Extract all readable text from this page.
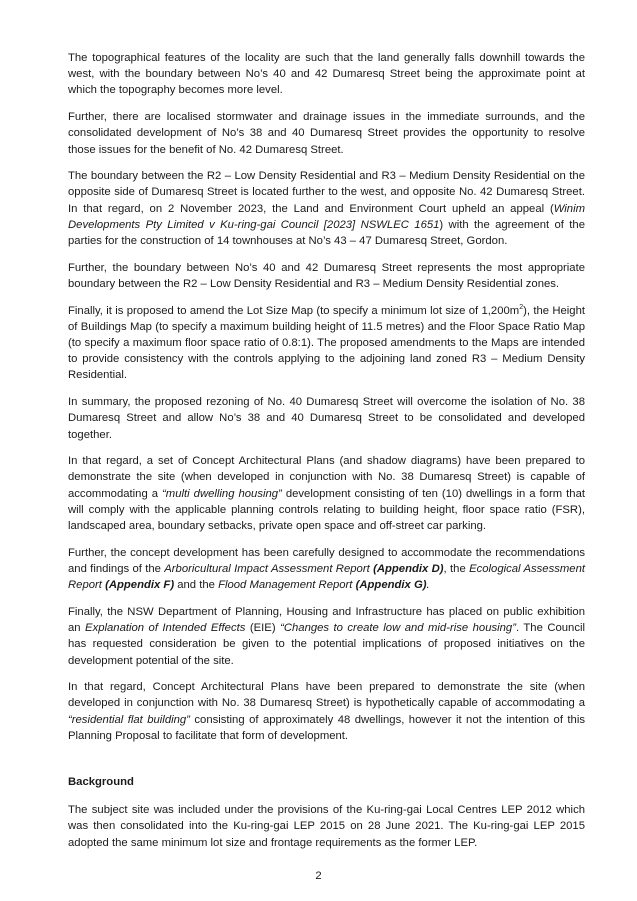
The topographical features of the locality are such that the land generally falls downhill towards the west, with the boundary between No’s 40 and 42 Dumaresq Street being the approximate point at which the topography becomes more level.

Further, there are localised stormwater and drainage issues in the immediate surrounds, and the consolidated development of No’s 38 and 40 Dumaresq Street provides the opportunity to resolve those issues for the benefit of No. 42 Dumaresq Street.

The boundary between the R2 – Low Density Residential and R3 – Medium Density Residential on the opposite side of Dumaresq Street is located further to the west, and opposite No. 42 Dumaresq Street. In that regard, on 2 November 2023, the Land and Environment Court upheld an appeal (Winim Developments Pty Limited v Ku-ring-gai Council [2023] NSWLEC 1651) with the agreement of the parties for the construction of 14 townhouses at No’s 43 – 47 Dumaresq Street, Gordon.

Further, the boundary between No’s 40 and 42 Dumaresq Street represents the most appropriate boundary between the R2 – Low Density Residential and R3 – Medium Density Residential zones.

Finally, it is proposed to amend the Lot Size Map (to specify a minimum lot size of $1,200m^2$), the Height of Buildings Map (to specify a maximum building height of 11.5 metres) and the Floor Space Ratio Map (to specify a maximum floor space ratio of 0.8:1). The proposed amendments to the Maps are intended to provide consistency with the controls applying to the adjoining land zoned R3 – Medium Density Residential.

In summary, the proposed rezoning of No. 40 Dumaresq Street will overcome the isolation of No. 38 Dumaresq Street and allow No’s 38 and 40 Dumaresq Street to be consolidated and developed together.

In that regard, a set of Concept Architectural Plans (and shadow diagrams) have been prepared to demonstrate the site (when developed in conjunction with No. 38 Dumaresq Street) is capable of accommodating a “multi dwelling housing” development consisting of ten (10) dwellings in a form that will comply with the applicable planning controls relating to building height, floor space ratio (FSR), landscaped area, boundary setbacks, private open space and off-street car parking.

Further, the concept development has been carefully designed to accommodate the recommendations and findings of the Arboricultural Impact Assessment Report (Appendix D), the Ecological Assessment Report (Appendix F) and the Flood Management Report (Appendix G).

Finally, the NSW Department of Planning, Housing and Infrastructure has placed on public exhibition an Explanation of Intended Effects (EIE) “Changes to create low and mid-rise housing”. The Council has requested consideration be given to the potential implications of proposed initiatives on the development potential of the site.

In that regard, Concept Architectural Plans have been prepared to demonstrate the site (when developed in conjunction with No. 38 Dumaresq Street) is hypothetically capable of accommodating a “residential flat building” consisting of approximately 48 dwellings, however it not the intention of this Planning Proposal to facilitate that form of development.

Background

The subject site was included under the provisions of the Ku-ring-gai Local Centres LEP 2012 which was then consolidated into the Ku-ring-gai LEP 2015 on 28 June 2021. The Ku-ring-gai LEP 2015 adopted the same minimum lot size and frontage requirements as the former LEP.

2
